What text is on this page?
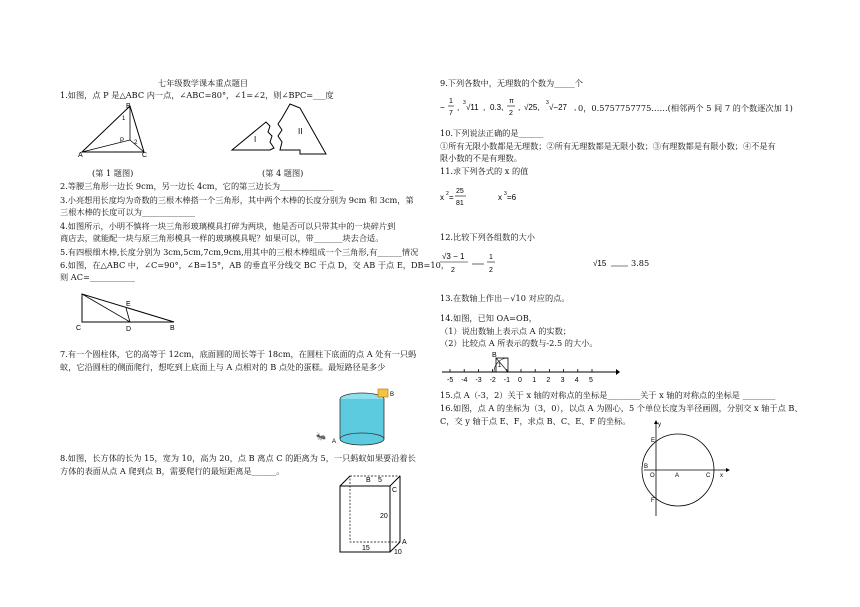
七年级数学课本重点题目
1.如图，点 P 是△ABC 内一点，∠ABC=80°，∠1=∠2，则∠BPC=___度
B
1
P 2
A	C
I
II
(第 1 题图)	(第 4 题图)
2.等腰三角形一边长 9cm，另一边长 4cm，它的第三边长为_____________
3.小亮想用长度均为奇数的三根木棒搭一个三角形，其中两个木棒的长度分别为 9cm 和 3cm，第
三根木棒的长度可以为_____________
4.如图所示，小明不慎将一块三角形玻璃模具打碎为两块，他是否可以只带其中的一块碎片到
商店去，就能配一块与原三角形模具一样的玻璃模具呢？如果可以，带_______块去合适。
5.有四根细木棒,长度分别为 3cm,5cm,7cm,9cm,用其中的三根木棒组成一个三角形,有______情况
6.如图，在△ABC 中，∠C=90°，∠B=15°，AB 的垂直平分线交 BC 于点 D，交 AB 于点 E，DB=10，
则 AC=___________
C	D
E
B
7.有一个圆柱体，它的高等于 12cm，底面圆的周长等于 18cm，在圆柱下底面的点 A 处有一只蚂
蚁，它沿圆柱的侧面爬行，想吃到上底面上与 A 点相对的 B 点处的蛋糕。最短路径是多少
B
🐜
A
8.如图，长方体的长为 15，宽为 10，高为 20，点 B 离点 C 的距离为 5，一只蚂蚁如果要沿着长
方体的表面从点 A 爬到点 B，需要爬行的最短距离是______。
B 5
C
20
15
10
A
9.下列各数中，无理数的个数为_____个
−
1
7
, 3 √11 , 0.3,
π
2
, √25, 3 √−27 , 0，0.5757757775……(相邻两个 5 间 7 的个数逐次加 1)
10.下列说法正确的是______
①所有无限小数都是无理数；②所有无理数都是无限小数；③有理数都是有限小数；④不是有
限小数的不是有理数。
11.求下列各式的 x 的值
x 2 =
25
81
x 3 =6
12.比较下列各组数的大小
√3 − 1
2
1
2
√15	3.85
13.在数轴上作出－√10 对应的点。
14.如图，已知 OA=OB，
（1）说出数轴上表示点 A 的实数；
（2）比较点 A 所表示的数与-2.5 的大小。
-5 -4 -3 -2 -1 0 1 2 3 4 5
B
1
15.点 A（-3，2）关于 x 轴的对称点的坐标是________关于 x 轴的对称点的坐标是 ________
16.如图，点 A 的坐标为（3，0），以点 A 为圆心，5 个单位长度为半径画圆，分别交 x 轴于点 B、
C，交 y 轴于点 E、F，求点 B、C、E、F 的坐标。
B
O	A	C x
E
F
y
